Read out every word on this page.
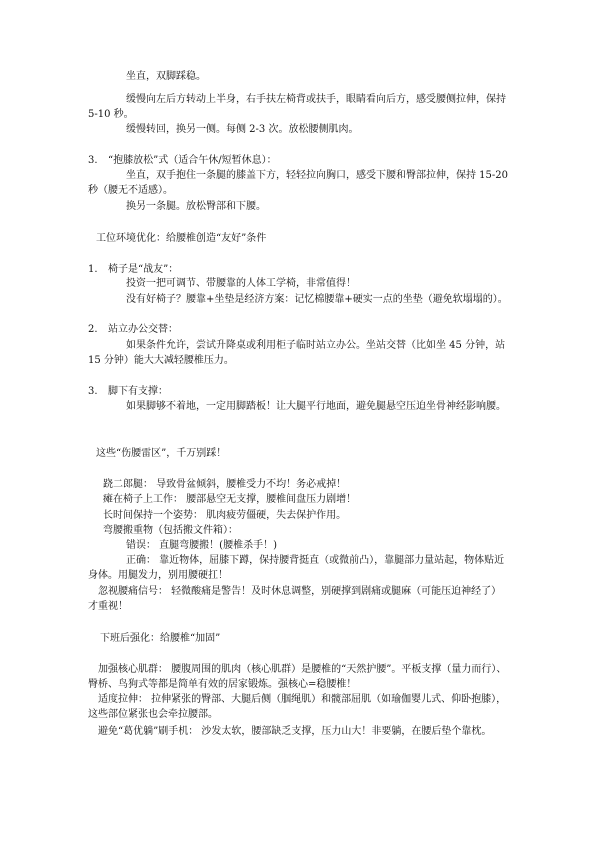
坐直，双脚踩稳。

缓慢向左后方转动上半身，右手扶左椅背或扶手，眼睛看向后方，感受腰侧拉伸，保持 5-10 秒。

缓慢转回，换另一侧。每侧 2-3 次。放松腰侧肌肉。

3. “抱膝放松”式（适合午休/短暂休息）：

坐直，双手抱住一条腿的膝盖下方，轻轻拉向胸口，感受下腰和臀部拉伸，保持 15-20 秒（腰无不适感）。

换另一条腿。放松臀部和下腰。

工位环境优化：给腰椎创造“友好”条件

1. 椅子是“战友”：

投资一把可调节、带腰靠的人体工学椅，非常值得！

没有好椅子？腰靠+坐垫是经济方案：记忆棉腰靠+硬实一点的坐垫（避免软塌塌的）。

2. 站立办公交替：

如果条件允许，尝试升降桌或利用柜子临时站立办公。坐站交替（比如坐 45 分钟，站 15 分钟）能大大减轻腰椎压力。

3. 脚下有支撑：

如果脚够不着地，一定用脚踏板！让大腿平行地面，避免腿悬空压迫坐骨神经影响腰。

这些“伤腰雷区”，千万别踩！

跷二郎腿： 导致骨盆倾斜，腰椎受力不均！务必戒掉！

瘫在椅子上工作： 腰部悬空无支撑，腰椎间盘压力剧增！

长时间保持一个姿势： 肌肉疲劳僵硬，失去保护作用。

弯腰搬重物（包括搬文件箱）：

错误： 直腿弯腰搬！(腰椎杀手！)

正确： 靠近物体，屈膝下蹲，保持腰背挺直（或微前凸），靠腿部力量站起，物体贴近身体。用腿发力，别用腰硬扛！

忽视腰痛信号： 轻微酸痛是警告！及时休息调整，别硬撑到剧痛或腿麻（可能压迫神经了）才重视！

下班后强化：给腰椎“加固”

加强核心肌群： 腰腹周围的肌肉（核心肌群）是腰椎的“天然护腰”。平板支撑（量力而行）、臀桥、鸟狗式等都是简单有效的居家锻炼。强核心=稳腰椎！

适度拉伸： 拉伸紧张的臀部、大腿后侧（腘绳肌）和髋部屈肌（如瑜伽婴儿式、仰卧抱膝），这些部位紧张也会牵拉腰部。

避免“葛优躺”刷手机： 沙发太软，腰部缺乏支撑，压力山大！非要躺，在腰后垫个靠枕。
